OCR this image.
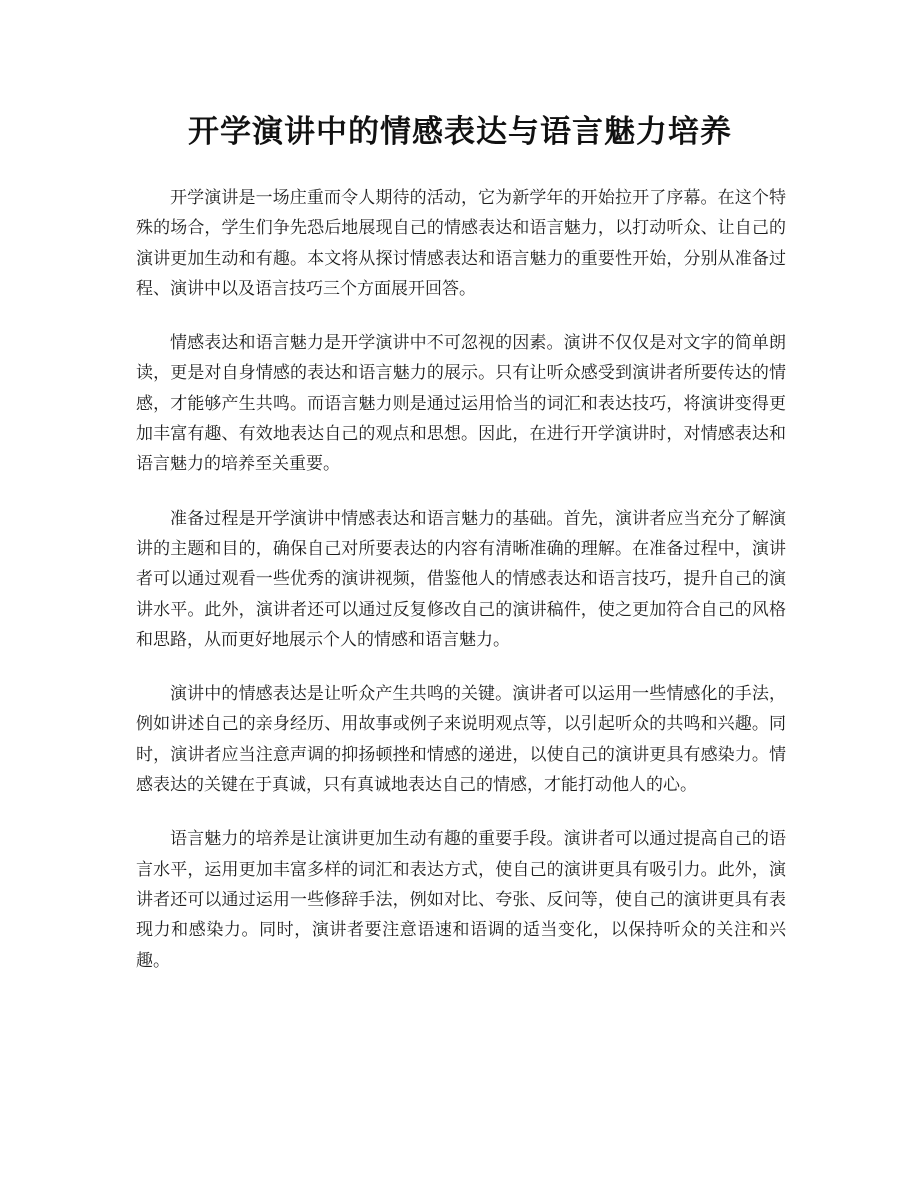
开学演讲中的情感表达与语言魅力培养

开学演讲是一场庄重而令人期待的活动，它为新学年的开始拉开了序幕。在这个特殊的场合，学生们争先恐后地展现自己的情感表达和语言魅力，以打动听众、让自己的演讲更加生动和有趣。本文将从探讨情感表达和语言魅力的重要性开始，分别从准备过程、演讲中以及语言技巧三个方面展开回答。

情感表达和语言魅力是开学演讲中不可忽视的因素。演讲不仅仅是对文字的简单朗读，更是对自身情感的表达和语言魅力的展示。只有让听众感受到演讲者所要传达的情感，才能够产生共鸣。而语言魅力则是通过运用恰当的词汇和表达技巧，将演讲变得更加丰富有趣、有效地表达自己的观点和思想。因此，在进行开学演讲时，对情感表达和语言魅力的培养至关重要。

准备过程是开学演讲中情感表达和语言魅力的基础。首先，演讲者应当充分了解演讲的主题和目的，确保自己对所要表达的内容有清晰准确的理解。在准备过程中，演讲者可以通过观看一些优秀的演讲视频，借鉴他人的情感表达和语言技巧，提升自己的演讲水平。此外，演讲者还可以通过反复修改自己的演讲稿件，使之更加符合自己的风格和思路，从而更好地展示个人的情感和语言魅力。

演讲中的情感表达是让听众产生共鸣的关键。演讲者可以运用一些情感化的手法，例如讲述自己的亲身经历、用故事或例子来说明观点等，以引起听众的共鸣和兴趣。同时，演讲者应当注意声调的抑扬顿挫和情感的递进，以使自己的演讲更具有感染力。情感表达的关键在于真诚，只有真诚地表达自己的情感，才能打动他人的心。

语言魅力的培养是让演讲更加生动有趣的重要手段。演讲者可以通过提高自己的语言水平，运用更加丰富多样的词汇和表达方式，使自己的演讲更具有吸引力。此外，演讲者还可以通过运用一些修辞手法，例如对比、夸张、反问等，使自己的演讲更具有表现力和感染力。同时，演讲者要注意语速和语调的适当变化，以保持听众的关注和兴趣。
